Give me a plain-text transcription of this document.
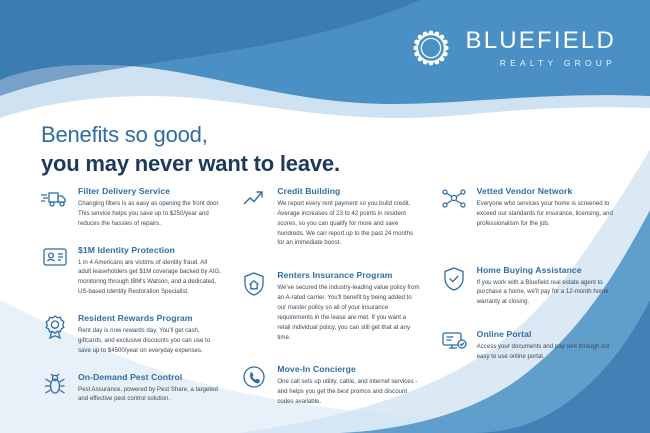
BLUEFIELD
REALTY GROUP
Benefits so good,
you may never want to leave.
Filter Delivery Service
Changing filters is as easy as opening the front door. This service helps you save up to $250/year and reduces the hassles of repairs.
$1M Identity Protection
1 in 4 Americans are victims of identity fraud. All adult leaseholders get $1M coverage backed by AIG, monitoring through IBM's Watson, and a dedicated, US-based Identity Restoration Specialist.
Resident Rewards Program
Rent day is now rewards day. You'll get cash, giftcards, and exclusive discounts you can use to save up to $4500/year on everyday expenses.
On-Demand Pest Control
Pest Assurance, powered by Pest Share, a targeted and effective pest control solution.
Credit Building
We report every rent payment so you build credit. Average increases of 23 to 42 points in resident scores, so you can qualify for more and save hundreds. We can report up to the past 24 months for an immediate boost.
Renters Insurance Program
We've secured the industry-leading value policy from an A-rated carrier. You'll benefit by being added to our master policy so all of your insurance requirements in the lease are met. If you want a retail individual policy, you can still get that at any time.
Move-In Concierge
One call sets up utility, cable, and internet services - and helps you get the best promos and discount codes available.
Vetted Vendor Network
Everyone who services your home is screened to exceed our standards for insurance, licensing, and professionalism for the job.
Home Buying Assistance
If you work with a Bluefield real estate agent to purchase a home, we'll pay for a 12-month home warranty at closing.
Online Portal
Access your documents and pay rent through our easy to use online portal.
